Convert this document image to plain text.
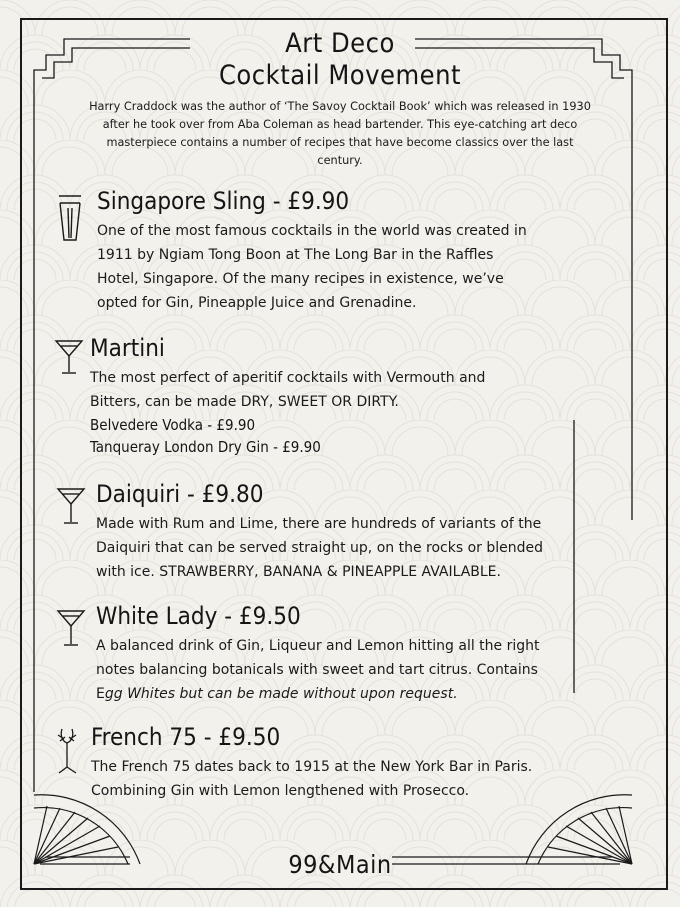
Art Deco
Cocktail Movement
Harry Craddock was the author of ‘The Savoy Cocktail Book’ which was released in 1930 after he took over from Aba Coleman as head bartender. This eye-catching art deco masterpiece contains a number of recipes that have become classics over the last century.
Singapore Sling - £9.90
One of the most famous cocktails in the world was created in 1911 by Ngiam Tong Boon at The Long Bar in the Raffles Hotel, Singapore. Of the many recipes in existence, we’ve opted for Gin, Pineapple Juice and Grenadine.
Martini
The most perfect of aperitif cocktails with Vermouth and Bitters, can be made DRY, SWEET OR DIRTY.
Belvedere Vodka - £9.90
Tanqueray London Dry Gin - £9.90
Daiquiri - £9.80
Made with Rum and Lime, there are hundreds of variants of the Daiquiri that can be served straight up, on the rocks or blended with ice. STRAWBERRY, BANANA & PINEAPPLE AVAILABLE.
White Lady - £9.50
A balanced drink of Gin, Liqueur and Lemon hitting all the right notes balancing botanicals with sweet and tart citrus. Contains Egg Whites but can be made without upon request.
French 75 - £9.50
The French 75 dates back to 1915 at the New York Bar in Paris. Combining Gin with Lemon lengthened with Prosecco.
99&Main
